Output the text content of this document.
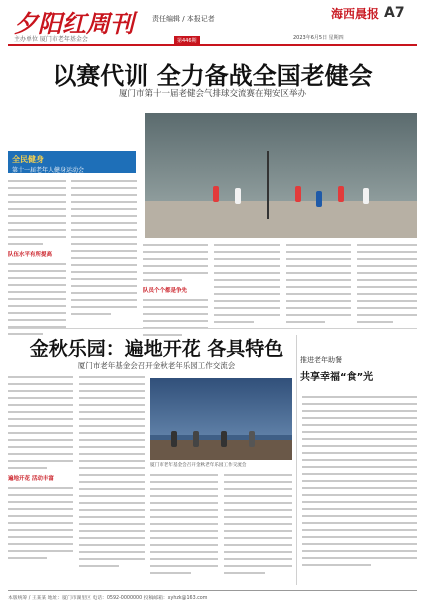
夕阳红周刊	责任编辑 / 本报记者
主办单位 厦门市老年基金会	第446期
海西晨报 A7
2023年6月5日 星期四
以赛代训 全力备战全国老健会
厦门市第十一届老健会气排球交流赛在翔安区举办
全民健身
第十一届老年人健身运动会
队伍水平有所提高
队员个个都是争先
金秋乐园：遍地开花 各具特色
厦门市老年基金会召开金秋老年乐园工作交流会
推进老年助餐
共享幸福“食”光
厦门市老年基金会召开金秋老年乐园工作交流会
遍地开花 活动丰富
本版统筹 / 王某某 地址：厦门市湖里区 电话：0592-0000000 投稿邮箱：xyhzk@163.com
